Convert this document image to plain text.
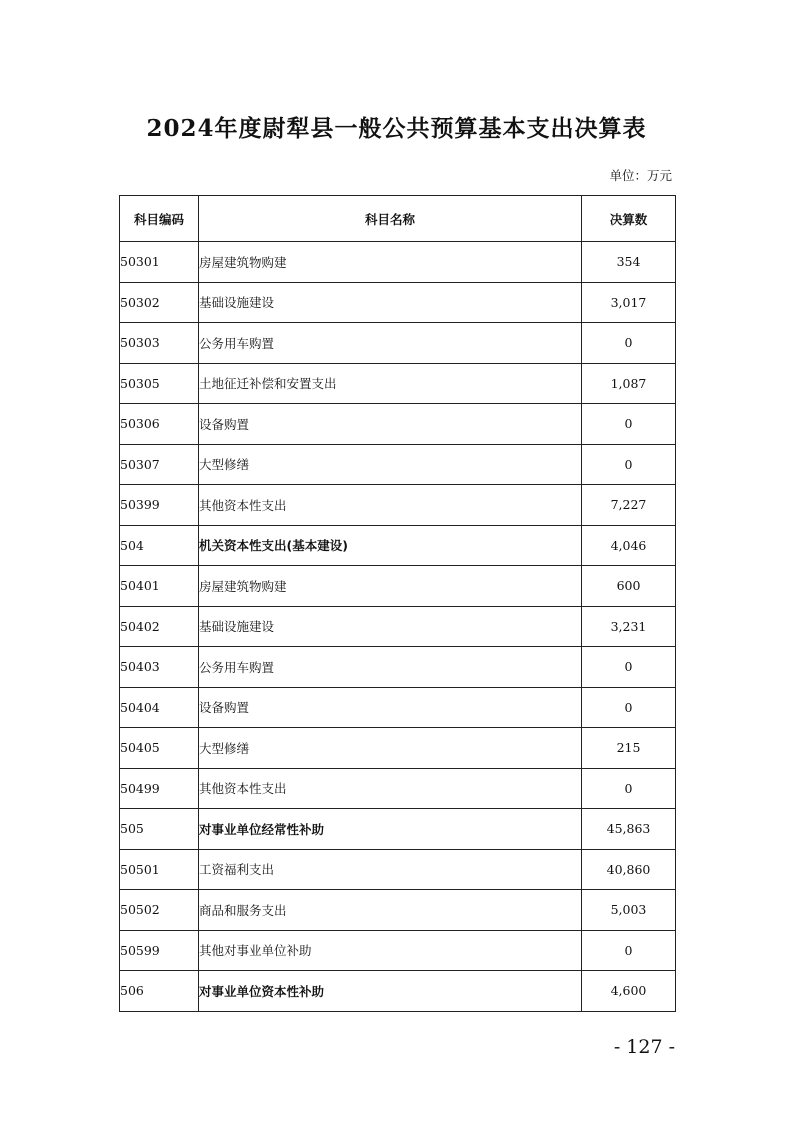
2024年度尉犁县一般公共预算基本支出决算表
单位：万元
科目编码	科目名称	决算数
50301	房屋建筑物购建	354
50302	基础设施建设	3,017
50303	公务用车购置	0
50305	土地征迁补偿和安置支出	1,087
50306	设备购置	0
50307	大型修缮	0
50399	其他资本性支出	7,227
504	机关资本性支出(基本建设)	4,046
50401	房屋建筑物购建	600
50402	基础设施建设	3,231
50403	公务用车购置	0
50404	设备购置	0
50405	大型修缮	215
50499	其他资本性支出	0
505	对事业单位经常性补助	45,863
50501	工资福利支出	40,860
50502	商品和服务支出	5,003
50599	其他对事业单位补助	0
506	对事业单位资本性补助	4,600
- 127 -
